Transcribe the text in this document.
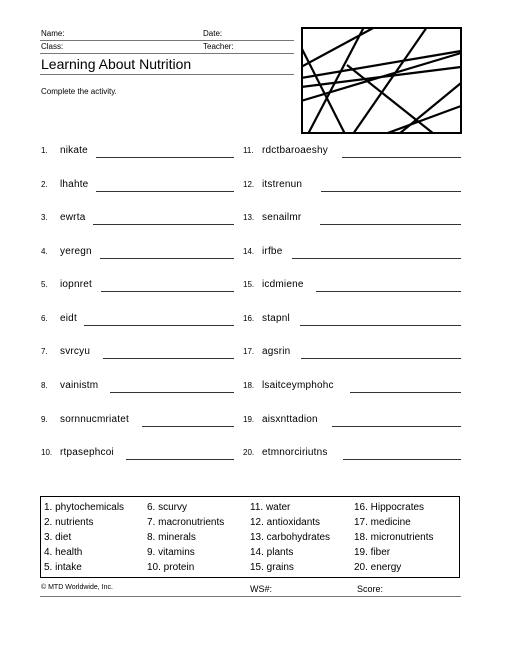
Name:	Date:
Class:	Teacher:
Learning About Nutrition
Complete the activity.
1. nikate
2. lhahte
3. ewrta
4. yeregn
5. iopnret
6. eidt
7. svrcyu
8. vainistm
9. sornnucmriatet
10. rtpasephcoi
11. rdctbaroaeshy
12. itstrenun
13. senailmr
14. irfbe
15. icdmiene
16. stapnl
17. agsrin
18. lsaitceymphohc
19. aisxnttadion
20. etmnorciriutns
1. phytochemicals
2. nutrients
3. diet
4. health
5. intake
6. scurvy
7. macronutrients
8. minerals
9. vitamins
10. protein
11. water
12. antioxidants
13. carbohydrates
14. plants
15. grains
16. Hippocrates
17. medicine
18. micronutrients
19. fiber
20. energy
© MTD Worldwide, Inc.	WS#:	Score:
